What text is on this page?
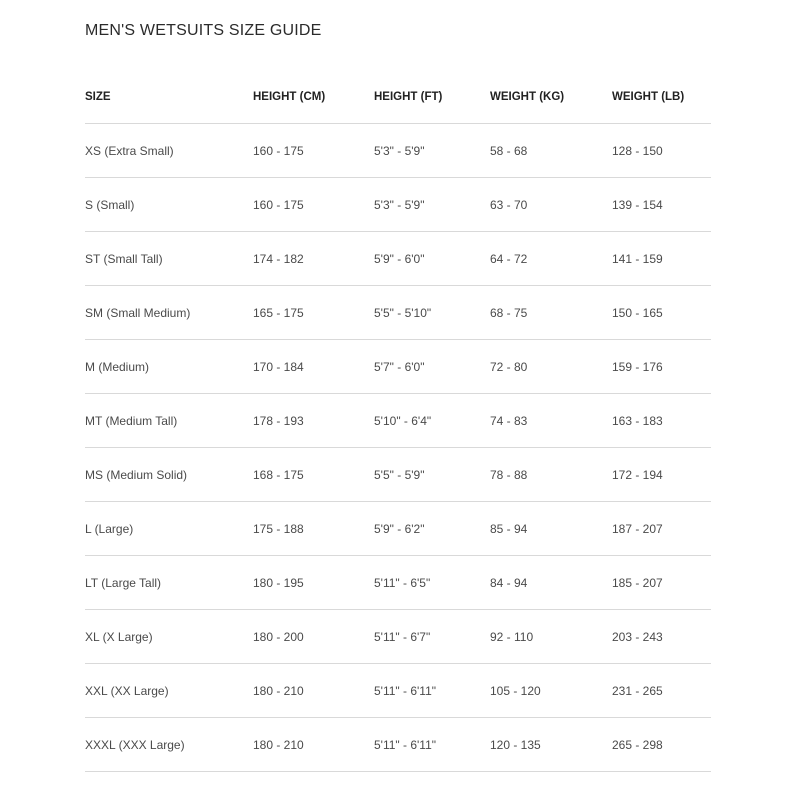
MEN'S WETSUITS SIZE GUIDE
SIZE	HEIGHT (CM)	HEIGHT (FT)	WEIGHT (KG)	WEIGHT (LB)
XS (Extra Small)	160 - 175	5'3" - 5'9"	58 - 68	128 - 150
S (Small)	160 - 175	5'3" - 5'9"	63 - 70	139 - 154
ST (Small Tall)	174 - 182	5'9" - 6'0"	64 - 72	141 - 159
SM (Small Medium)	165 - 175	5'5" - 5'10"	68 - 75	150 - 165
M (Medium)	170 - 184	5'7" - 6'0"	72 - 80	159 - 176
MT (Medium Tall)	178 - 193	5'10" - 6'4"	74 - 83	163 - 183
MS (Medium Solid)	168 - 175	5'5" - 5'9"	78 - 88	172 - 194
L (Large)	175 - 188	5'9" - 6'2"	85 - 94	187 - 207
LT (Large Tall)	180 - 195	5'11" - 6'5"	84 - 94	185 - 207
XL (X Large)	180 - 200	5'11" - 6'7"	92 - 110	203 - 243
XXL (XX Large)	180 - 210	5'11" - 6'11"	105 - 120	231 - 265
XXXL (XXX Large)	180 - 210	5'11" - 6'11"	120 - 135	265 - 298
